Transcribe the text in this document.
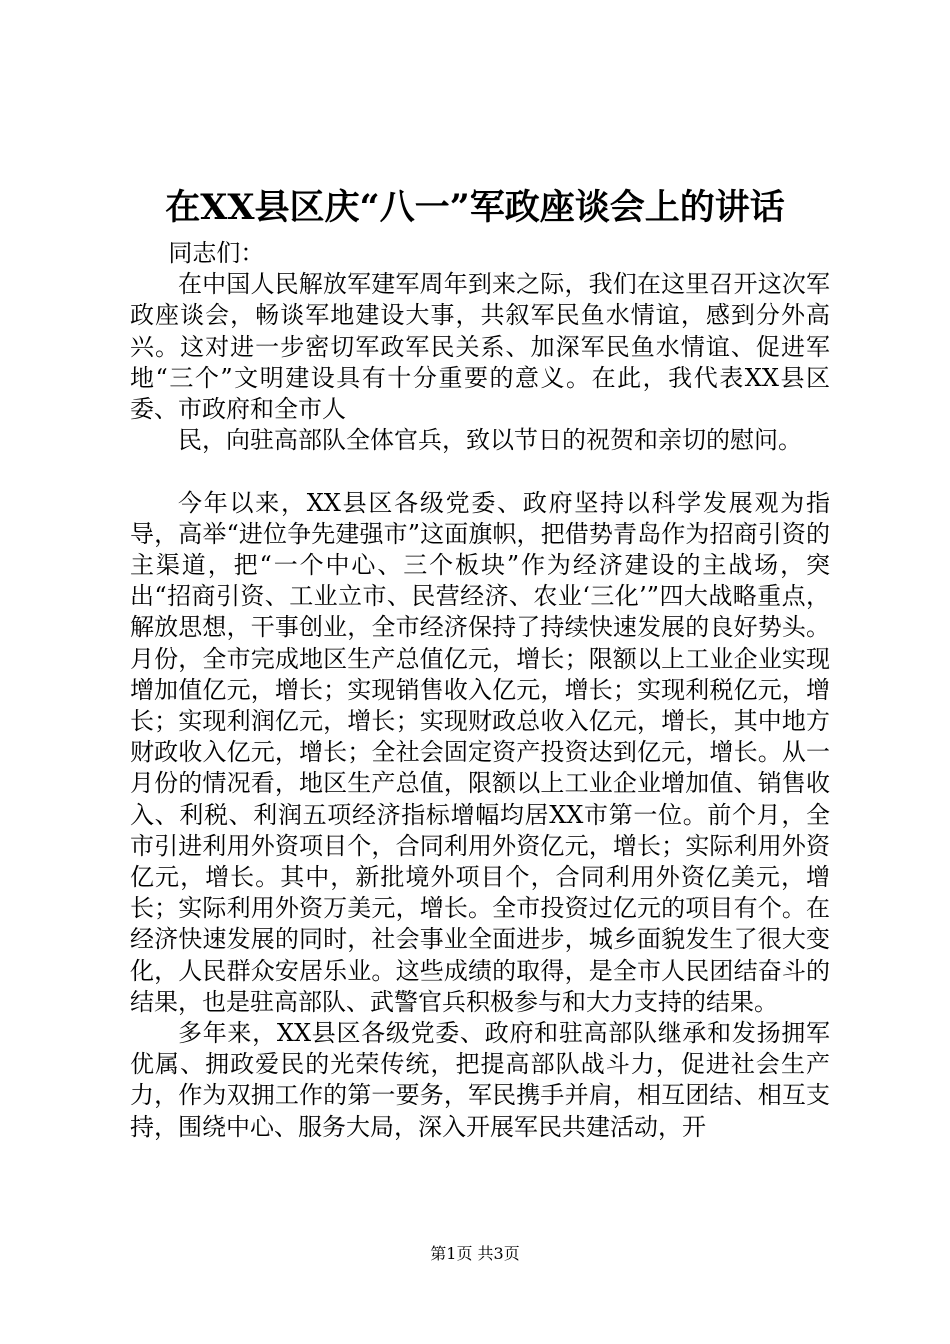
在XX县区庆“八一”军政座谈会上的讲话

同志们：

在中国人民解放军建军周年到来之际，我们在这里召开这次军政座谈会，畅谈军地建设大事，共叙军民鱼水情谊，感到分外高兴。这对进一步密切军政军民关系、加深军民鱼水情谊、促进军地“三个”文明建设具有十分重要的意义。在此，我代表XX县区委、市政府和全市人

民，向驻高部队全体官兵，致以节日的祝贺和亲切的慰问。

今年以来，XX县区各级党委、政府坚持以科学发展观为指导，高举“进位争先建强市”这面旗帜，把借势青岛作为招商引资的主渠道，把“一个中心、三个板块”作为经济建设的主战场，突出“招商引资、工业立市、民营经济、农业‘三化’”四大战略重点，解放思想，干事创业，全市经济保持了持续快速发展的良好势头。月份，全市完成地区生产总值亿元，增长；限额以上工业企业实现增加值亿元，增长；实现销售收入亿元，增长；实现利税亿元，增长；实现利润亿元，增长；实现财政总收入亿元，增长，其中地方财政收入亿元，增长；全社会固定资产投资达到亿元，增长。从一月份的情况看，地区生产总值，限额以上工业企业增加值、销售收入、利税、利润五项经济指标增幅均居XX市第一位。前个月，全市引进利用外资项目个，合同利用外资亿元，增长；实际利用外资亿元，增长。其中，新批境外项目个，合同利用外资亿美元，增长；实际利用外资万美元，增长。全市投资过亿元的项目有个。在经济快速发展的同时，社会事业全面进步，城乡面貌发生了很大变化，人民群众安居乐业。这些成绩的取得，是全市人民团结奋斗的结果，也是驻高部队、武警官兵积极参与和大力支持的结果。

多年来，XX县区各级党委、政府和驻高部队继承和发扬拥军优属、拥政爱民的光荣传统，把提高部队战斗力，促进社会生产力，作为双拥工作的第一要务，军民携手并肩，相互团结、相互支持，围绕中心、服务大局，深入开展军民共建活动，开

第1页 共3页
